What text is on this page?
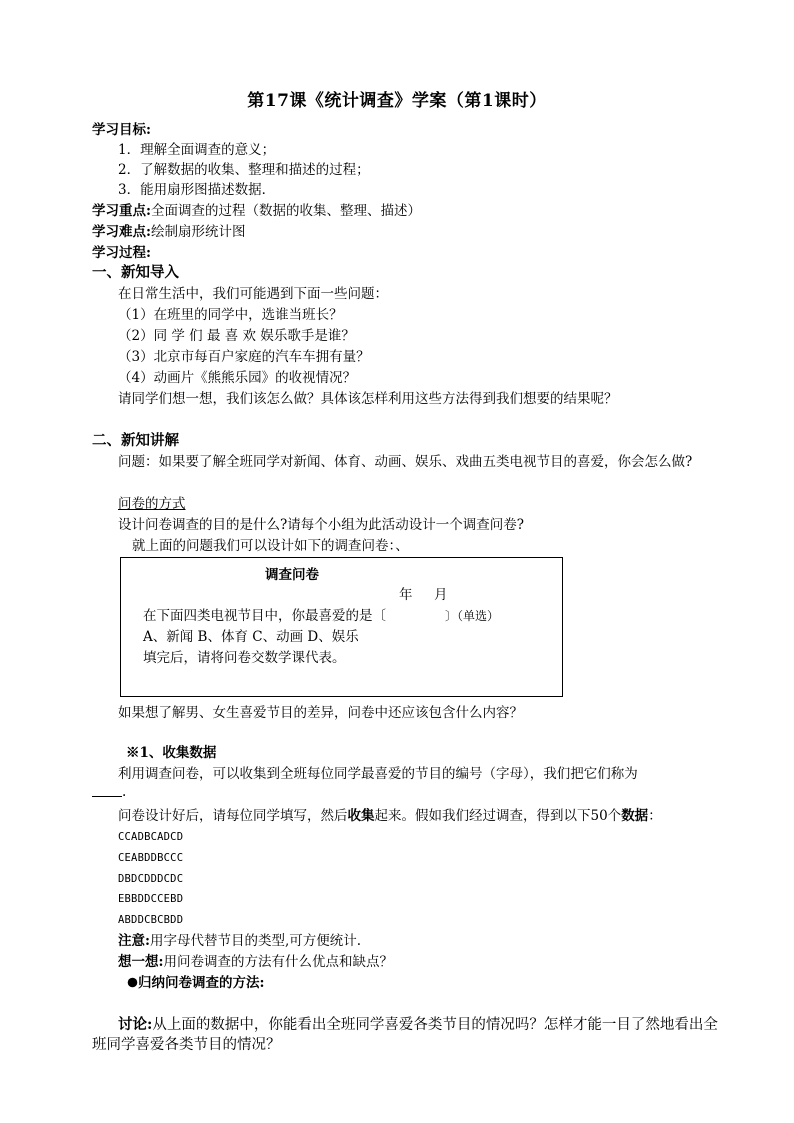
第17课《统计调查》学案（第1课时）
学习目标:
1．理解全面调查的意义；
2．了解数据的收集、整理和描述的过程；
3．能用扇形图描述数据．
学习重点:全面调查的过程（数据的收集、整理、描述）
学习难点:绘制扇形统计图
学习过程:
一、新知导入
在日常生活中，我们可能遇到下面一些问题：
（1）在班里的同学中，选谁当班长？
（2）同 学 们 最 喜 欢 娱乐歌手是谁？
（3）北京市每百户家庭的汽车车拥有量？
（4）动画片《熊熊乐园》的收视情况？
请同学们想一想，我们该怎么做？具体该怎样利用这些方法得到我们想要的结果呢？
二、新知讲解
问题：如果要了解全班同学对新闻、体育、动画、娱乐、戏曲五类电视节目的喜爱，你会怎么做?
问卷的方式
设计问卷调查的目的是什么?请每个小组为此活动设计一个调查问卷?
就上面的问题我们可以设计如下的调查问卷：、
调查问卷
年     月
在下面四类电视节目中，你最喜爱的是〔	〕（单选）
A、新闻 B、体育 C、动画 D、娱乐
填完后，请将问卷交数学课代表。
如果想了解男、女生喜爱节目的差异，问卷中还应该包含什么内容？
※1、收集数据
利用调查问卷，可以收集到全班每位同学最喜爱的节目的编号（字母），我们把它们称为
.
问卷设计好后，请每位同学填写，然后收集起来。假如我们经过调查，得到以下50个数据：
CCADBCADCD
CEABDDBCCC
DBDCDDDCDC
EBBDDCCEBD
ABDDCBCBDD
注意:用字母代替节目的类型,可方便统计.
想一想:用问卷调查的方法有什么优点和缺点？
归纳问卷调查的方法:
讨论:从上面的数据中，你能看出全班同学喜爱各类节目的情况吗？怎样才能一目了然地看出全
班同学喜爱各类节目的情况？
